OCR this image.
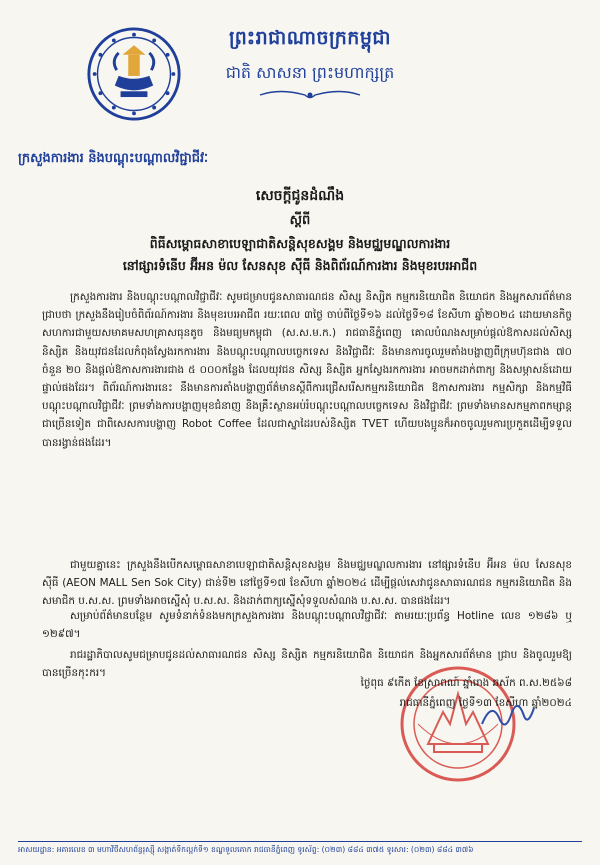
ព្រះរាជាណាចក្រកម្ពុជា
ជាតិ សាសនា ព្រះមហាក្សត្រ
ក្រសួងការងារ និងបណ្តុះបណ្តាលវិជ្ជាជីវៈ
សេចក្តីជូនដំណឹង
ស្តីពី
ពិធីសម្ពោធសាខាបេឡាជាតិសន្តិសុខសង្គម និងមជ្ឈមណ្ឌលការងារ
នៅផ្សារទំនើប អ៊ីអន ម៉ល សែនសុខ ស៊ីធី និងពិព័រណ៍ការងារ និងមុខរបរអាជីព
ក្រសួងការងារ និងបណ្តុះបណ្តាលវិជ្ជាជីវៈ សូមជម្រាបជូនសាធារណជន សិស្ស និស្សិត កម្មករនិយោជិត និយោជក និងអ្នកសារព័ត៌មាន ជ្រាបថា ក្រសួងនឹងរៀបចំពិព័រណ៍ការងារ និងមុខរបរអាជីព រយៈពេល ៣ថ្ងៃ ចាប់ពីថ្ងៃទី១៦ ដល់ថ្ងៃទី១៨ ខែសីហា ឆ្នាំ២០២៤ ដោយមានកិច្ចសហការជាមួយសមាគមសហគ្រាសធុនតូច និងមធ្យមកម្ពុជា (ស.ស.ម.ក.) រាជធានីភ្នំពេញ គោលបំណងសម្រាប់ផ្តល់ឱកាសដល់សិស្ស និស្សិត និងយុវជនដែលកំពុងស្វែងរកការងារ និងបណ្តុះបណ្តាលបច្ចេកទេស និងវិជ្ជាជីវៈ និងមានការចូលរួមតាំងបង្ហាញពីក្រុមហ៊ុនជាង ៧០ ចំនួន ២០ និងផ្តល់ឱកាសការងារជាង ៥ ០០០កន្លែង ដែលយុវជន សិស្ស និស្សិត អ្នកស្វែងរកការងារ អាចមកដាក់ពាក្យ និងសម្ភាសន៍ដោយផ្ទាល់ផងដែរ។ ពិព័រណ៍ការងារនេះ នឹងមានការតាំងបង្ហាញព័ត៌មានស្តីពីការជ្រើសរើសកម្មករនិយោជិត ឱកាសការងារ កម្មសិក្សា និងកម្មវិធីបណ្តុះបណ្តាលវិជ្ជាជីវៈ ព្រមទាំងការបង្ហាញមុខជំនាញ និងគ្រឹះស្ថានអប់រំបណ្តុះបណ្តាលបច្ចេកទេស និងវិជ្ជាជីវៈ ព្រមទាំងមានសកម្មភាពកម្សាន្តជាច្រើនទៀត ជាពិសេសការបង្ហាញ Robot Coffee ដែលជាស្នាដៃរបស់និស្សិត TVET ហើយបងប្អូនក៏អាចចូលរួមការប្រកួតដើម្បីទទួលបានរង្វាន់ផងដែរ។
ជាមួយគ្នានេះ ក្រសួងនឹងបើកសម្ពោធសាខាបេឡាជាតិសន្តិសុខសង្គម និងមជ្ឈមណ្ឌលការងារ នៅផ្សារទំនើប អ៊ីអន ម៉ល សែនសុខ ស៊ីធី (AEON MALL Sen Sok City) ជាន់ទី២ នៅថ្ងៃទី១៧ ខែសីហា ឆ្នាំ២០២៤ ដើម្បីផ្តល់សេវាជូនសាធារណជន កម្មករនិយោជិត និងសមាជិក ប.ស.ស. ព្រមទាំងអាចស្នើសុំ ប.ស.ស. និងដាក់ពាក្យស្នើសុំទទួលសំណង ប.ស.ស. បានផងដែរ។
សម្រាប់ព័ត៌មានបន្ថែម សូមទំនាក់ទំនងមកក្រសួងការងារ និងបណ្តុះបណ្តាលវិជ្ជាជីវៈ តាមរយៈប្រព័ន្ធ Hotline លេខ ១២៨៦ ឬ ១២៩៧។
រាជរដ្ឋាភិបាលសូមជម្រាបជូនដល់សាធារណជន សិស្ស និស្សិត កម្មករនិយោជិត និយោជក និងអ្នកសារព័ត៌មាន ជ្រាប និងចូលរួមឱ្យបានច្រើនកុះករ។
ថ្ងៃពុធ ៩កើត ខែស្រាពណ៍ ឆ្នាំរោង ឆស័ក ព.ស.២៥៦៨
រាជធានីភ្នំពេញ ថ្ងៃទី១៣ ខែសីហា ឆ្នាំ២០២៤
អាសយដ្ឋាន: អគារលេខ ៣ មហាវិថីសហព័ន្ធរុស្ស៊ី សង្កាត់ទឹកល្អក់ទី១ ខណ្ឌទួលគោក រាជធានីភ្នំពេញ ទូរស័ព្ទ: (០២៣) ៨៨៤ ៣៧៥ ទូរសារ: (០២៣) ៨៨៤ ៣៧៦
